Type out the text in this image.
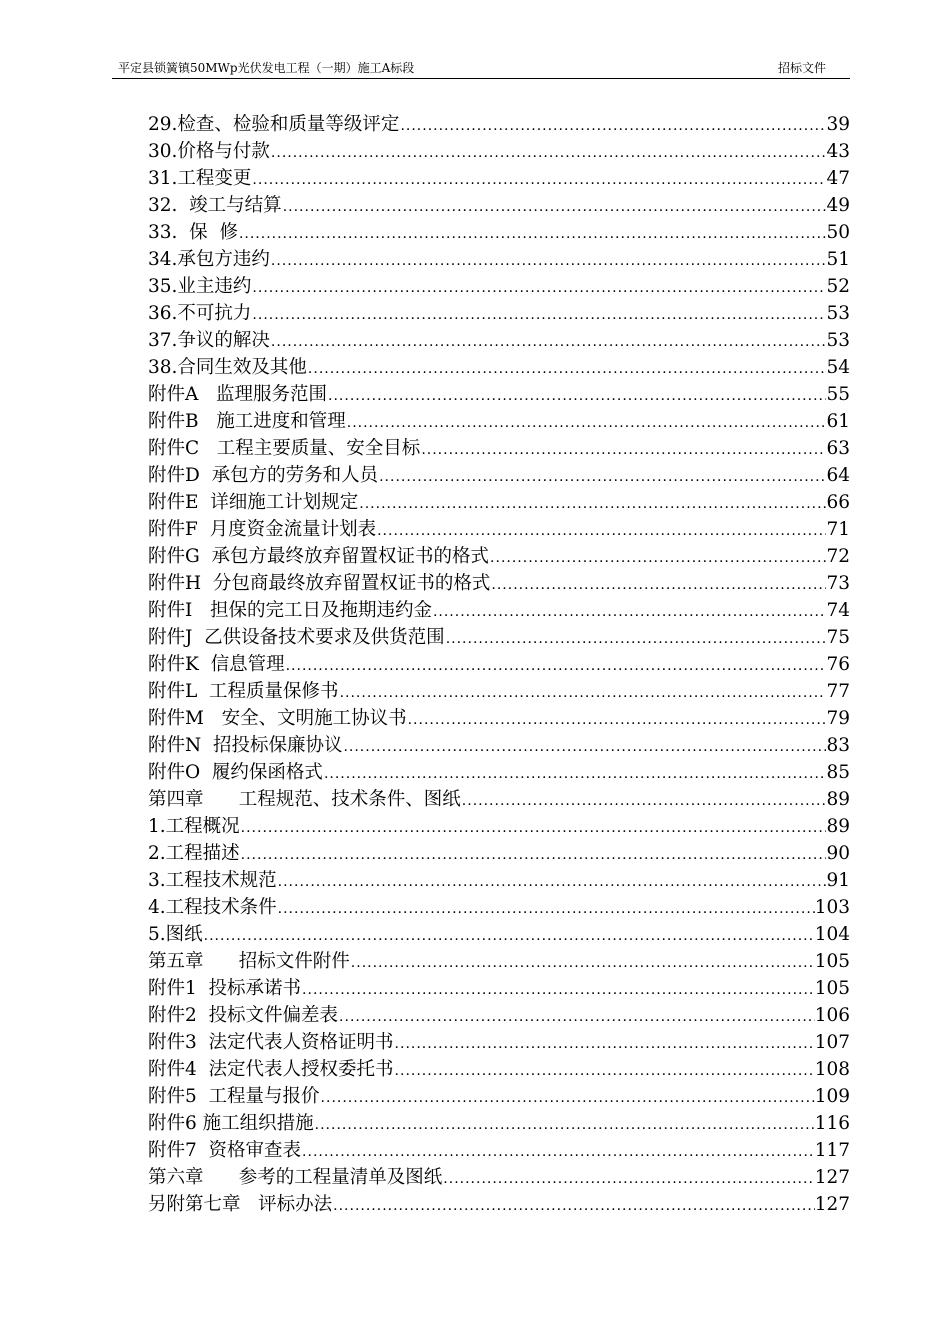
平定县锁簧镇50MWp光伏发电工程（一期）施工A标段	招标文件
29.检查、检验和质量等级评定 .....	39
30.价格与付款 .....	43
31.工程变更 .....	47
32.  竣工与结算 .....	49
33.  保  修 .....	50
34.承包方违约 .....	51
35.业主违约 .....	52
36.不可抗力 .....	53
37.争议的解决 .....	53
38.合同生效及其他 .....	54
附件A   监理服务范围 .....	55
附件B   施工进度和管理 .....	61
附件C   工程主要质量、安全目标 .....	63
附件D  承包方的劳务和人员 .....	64
附件E  详细施工计划规定 .....	66
附件F  月度资金流量计划表 .....	71
附件G  承包方最终放弃留置权证书的格式 .....	72
附件H  分包商最终放弃留置权证书的格式 .....	73
附件I   担保的完工日及拖期违约金 .....	74
附件J  乙供设备技术要求及供货范围 .....	75
附件K  信息管理 .....	76
附件L  工程质量保修书 .....	77
附件M   安全、文明施工协议书 .....	79
附件N  招投标保廉协议 .....	83
附件O  履约保函格式 .....	85
第四章      工程规范、技术条件、图纸 .....	89
1.工程概况 .....	89
2.工程描述 .....	90
3.工程技术规范 .....	91
4.工程技术条件 .....	103
5.图纸 .....	104
第五章      招标文件附件 .....	105
附件1  投标承诺书 .....	105
附件2  投标文件偏差表 .....	106
附件3  法定代表人资格证明书 .....	107
附件4  法定代表人授权委托书 .....	108
附件5  工程量与报价 .....	109
附件6 施工组织措施 .....	116
附件7  资格审查表 .....	117
第六章      参考的工程量清单及图纸 .....	127
另附第七章   评标办法 .....	127
